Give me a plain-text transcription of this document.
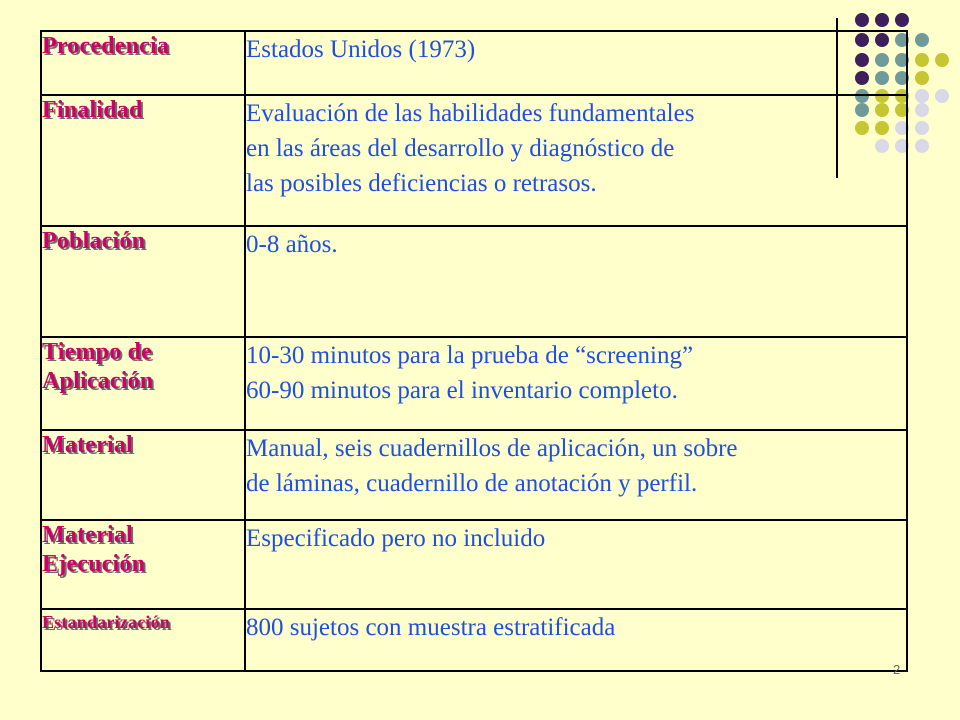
Procedencia	Estados Unidos (1973)

Finalidad	Evaluación de las habilidades fundamentales
en las áreas del desarrollo y diagnóstico de
las posibles deficiencias o retrasos.

Población	0-8 años.

Tiempo de Aplicación	10-30 minutos para la prueba de “screening”
60-90 minutos para el inventario completo.

Material	Manual, seis cuadernillos de aplicación, un sobre
de láminas, cuadernillo de anotación y perfil.

Material Ejecución	Especificado pero no incluido

Estandarización	800 sujetos con muestra estratificada
2
